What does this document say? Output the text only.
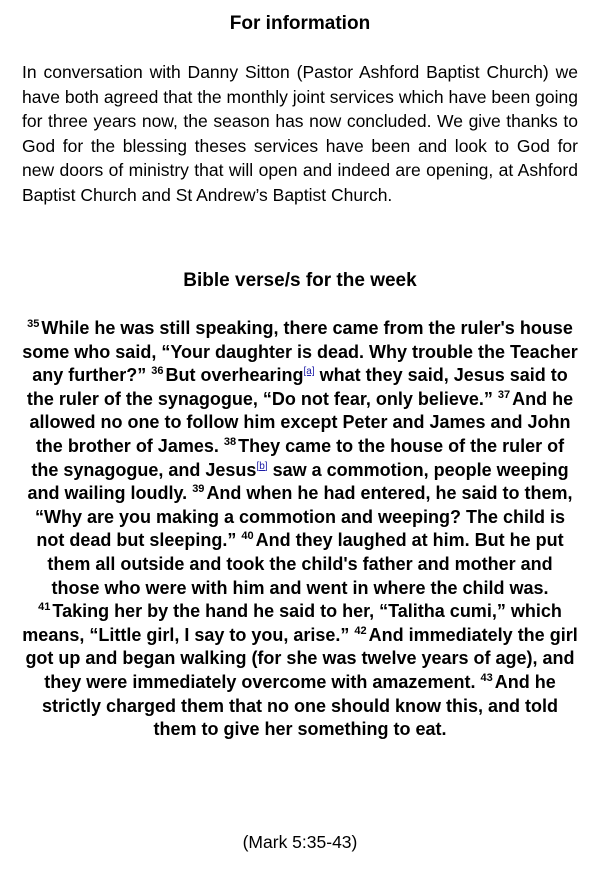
For information
In conversation with Danny Sitton (Pastor Ashford Baptist Church) we have both agreed that the monthly joint services which have been going for three years now, the season has now concluded. We give thanks to God for the blessing theses services have been and look to God for new doors of ministry that will open and indeed are opening, at Ashford Baptist Church and St Andrew’s Baptist Church.
Bible verse/s for the week
$^{35}$ While he was still speaking, there came from the ruler's house some who said, “Your daughter is dead. Why trouble the Teacher any further?” $^{36}$ But overhearing[a] what they said, Jesus said to the ruler of the synagogue, “Do not fear, only believe.” $^{37}$ And he allowed no one to follow him except Peter and James and John the brother of James. $^{38}$ They came to the house of the ruler of the synagogue, and Jesus[b] saw a commotion, people weeping and wailing loudly. $^{39}$ And when he had entered, he said to them, “Why are you making a commotion and weeping? The child is not dead but sleeping.” $^{40}$ And they laughed at him. But he put them all outside and took the child's father and mother and those who were with him and went in where the child was. $^{41}$ Taking her by the hand he said to her, “Talitha cumi,” which means, “Little girl, I say to you, arise.” $^{42}$ And immediately the girl got up and began walking (for she was twelve years of age), and they were immediately overcome with amazement. $^{43}$ And he strictly charged them that no one should know this, and told them to give her something to eat.
(Mark 5:35-43)
